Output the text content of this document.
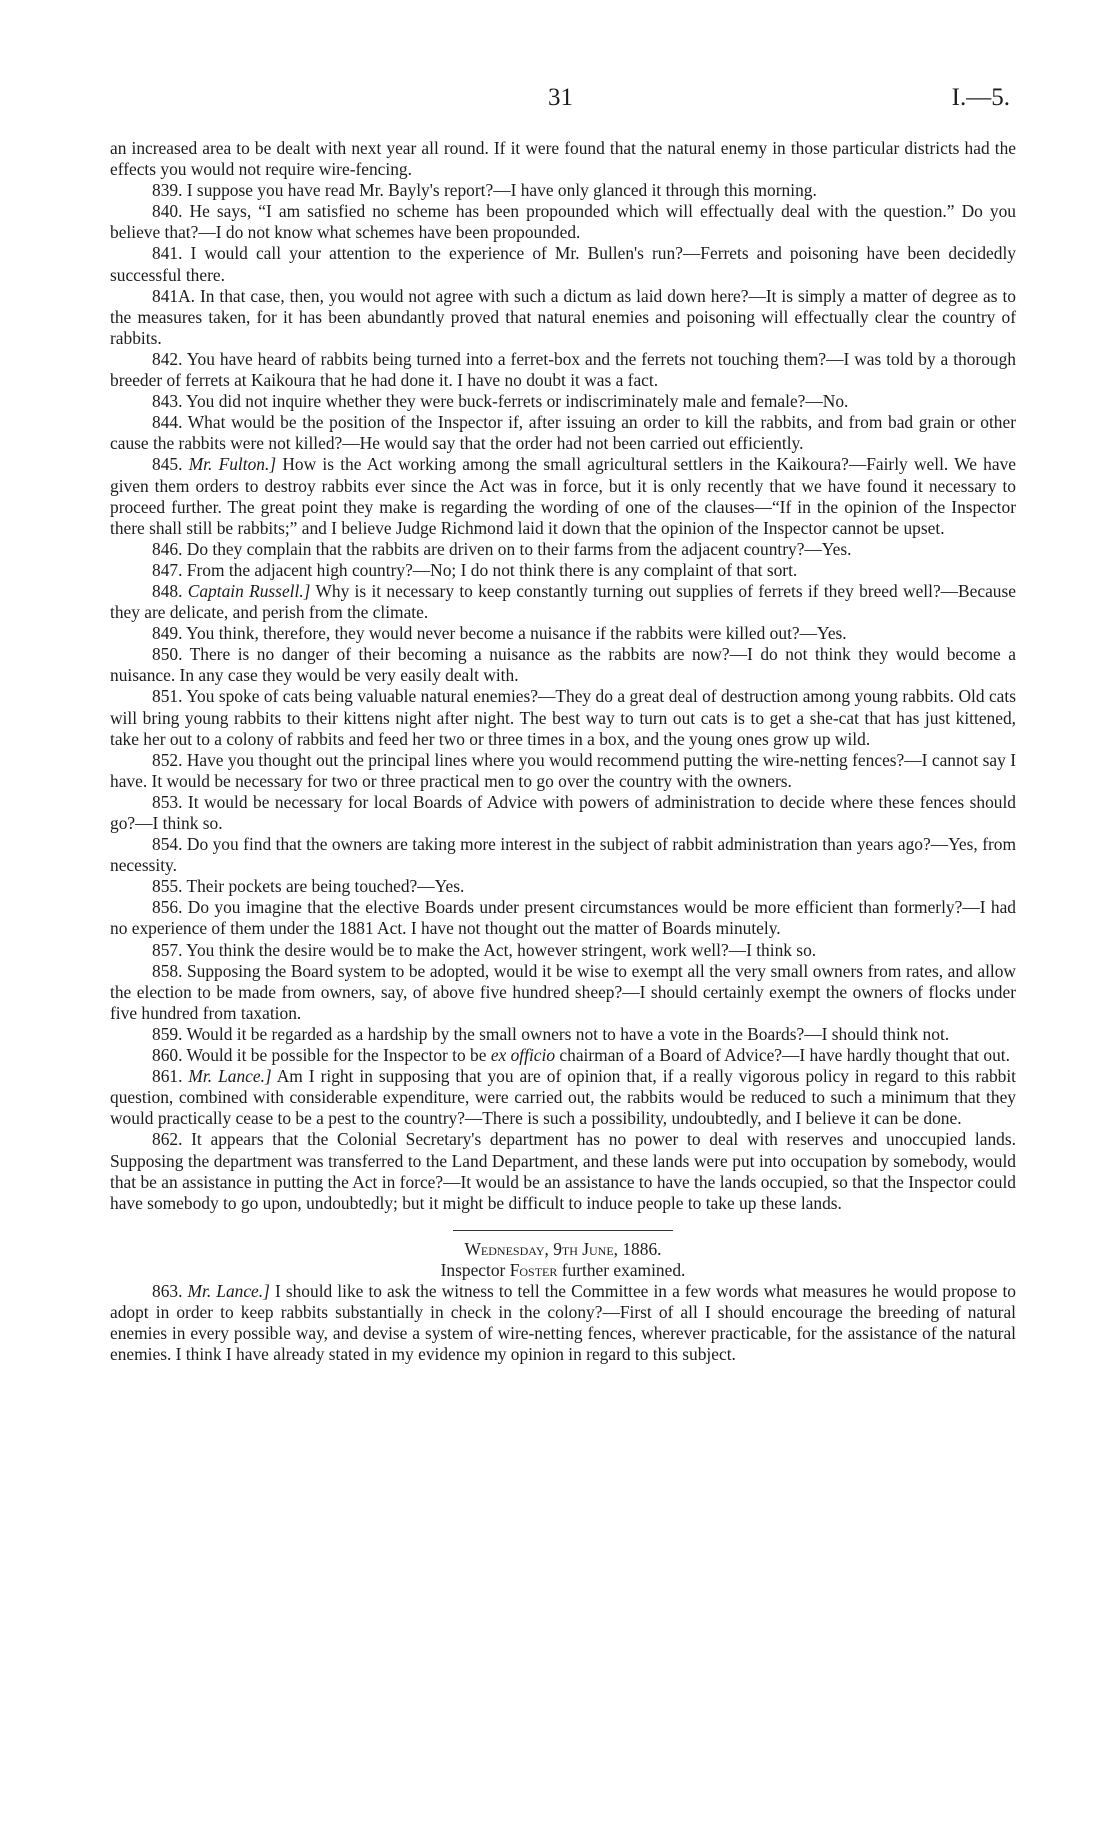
31	I.—5.

an increased area to be dealt with next year all round. If it were found that the natural enemy in those particular districts had the effects you would not require wire-fencing.

839. I suppose you have read Mr. Bayly's report?—I have only glanced it through this morning.

840. He says, “I am satisfied no scheme has been propounded which will effectually deal with the question.” Do you believe that?—I do not know what schemes have been propounded.

841. I would call your attention to the experience of Mr. Bullen's run?—Ferrets and poisoning have been decidedly successful there.

841A. In that case, then, you would not agree with such a dictum as laid down here?—It is simply a matter of degree as to the measures taken, for it has been abundantly proved that natural enemies and poisoning will effectually clear the country of rabbits.

842. You have heard of rabbits being turned into a ferret-box and the ferrets not touching them?—I was told by a thorough breeder of ferrets at Kaikoura that he had done it. I have no doubt it was a fact.

843. You did not inquire whether they were buck-ferrets or indiscriminately male and female?—No.

844. What would be the position of the Inspector if, after issuing an order to kill the rabbits, and from bad grain or other cause the rabbits were not killed?—He would say that the order had not been carried out efficiently.

845. Mr. Fulton.] How is the Act working among the small agricultural settlers in the Kaikoura?—Fairly well. We have given them orders to destroy rabbits ever since the Act was in force, but it is only recently that we have found it necessary to proceed further. The great point they make is regarding the wording of one of the clauses—“If in the opinion of the Inspector there shall still be rabbits;” and I believe Judge Richmond laid it down that the opinion of the Inspector cannot be upset.

846. Do they complain that the rabbits are driven on to their farms from the adjacent country?—Yes.

847. From the adjacent high country?—No; I do not think there is any complaint of that sort.

848. Captain Russell.] Why is it necessary to keep constantly turning out supplies of ferrets if they breed well?—Because they are delicate, and perish from the climate.

849. You think, therefore, they would never become a nuisance if the rabbits were killed out?—Yes.

850. There is no danger of their becoming a nuisance as the rabbits are now?—I do not think they would become a nuisance. In any case they would be very easily dealt with.

851. You spoke of cats being valuable natural enemies?—They do a great deal of destruction among young rabbits. Old cats will bring young rabbits to their kittens night after night. The best way to turn out cats is to get a she-cat that has just kittened, take her out to a colony of rabbits and feed her two or three times in a box, and the young ones grow up wild.

852. Have you thought out the principal lines where you would recommend putting the wire-netting fences?—I cannot say I have. It would be necessary for two or three practical men to go over the country with the owners.

853. It would be necessary for local Boards of Advice with powers of administration to decide where these fences should go?—I think so.

854. Do you find that the owners are taking more interest in the subject of rabbit administration than years ago?—Yes, from necessity.

855. Their pockets are being touched?—Yes.

856. Do you imagine that the elective Boards under present circumstances would be more efficient than formerly?—I had no experience of them under the 1881 Act. I have not thought out the matter of Boards minutely.

857. You think the desire would be to make the Act, however stringent, work well?—I think so.

858. Supposing the Board system to be adopted, would it be wise to exempt all the very small owners from rates, and allow the election to be made from owners, say, of above five hundred sheep?—I should certainly exempt the owners of flocks under five hundred from taxation.

859. Would it be regarded as a hardship by the small owners not to have a vote in the Boards?—I should think not.

860. Would it be possible for the Inspector to be ex officio chairman of a Board of Advice?—I have hardly thought that out.

861. Mr. Lance.] Am I right in supposing that you are of opinion that, if a really vigorous policy in regard to this rabbit question, combined with considerable expenditure, were carried out, the rabbits would be reduced to such a minimum that they would practically cease to be a pest to the country?—There is such a possibility, undoubtedly, and I believe it can be done.

862. It appears that the Colonial Secretary's department has no power to deal with reserves and unoccupied lands. Supposing the department was transferred to the Land Department, and these lands were put into occupation by somebody, would that be an assistance in putting the Act in force?—It would be an assistance to have the lands occupied, so that the Inspector could have somebody to go upon, undoubtedly; but it might be difficult to induce people to take up these lands.

Wednesday, 9th June, 1886.

Inspector Foster further examined.

863. Mr. Lance.] I should like to ask the witness to tell the Committee in a few words what measures he would propose to adopt in order to keep rabbits substantially in check in the colony?—First of all I should encourage the breeding of natural enemies in every possible way, and devise a system of wire-netting fences, wherever practicable, for the assistance of the natural enemies. I think I have already stated in my evidence my opinion in regard to this subject.
